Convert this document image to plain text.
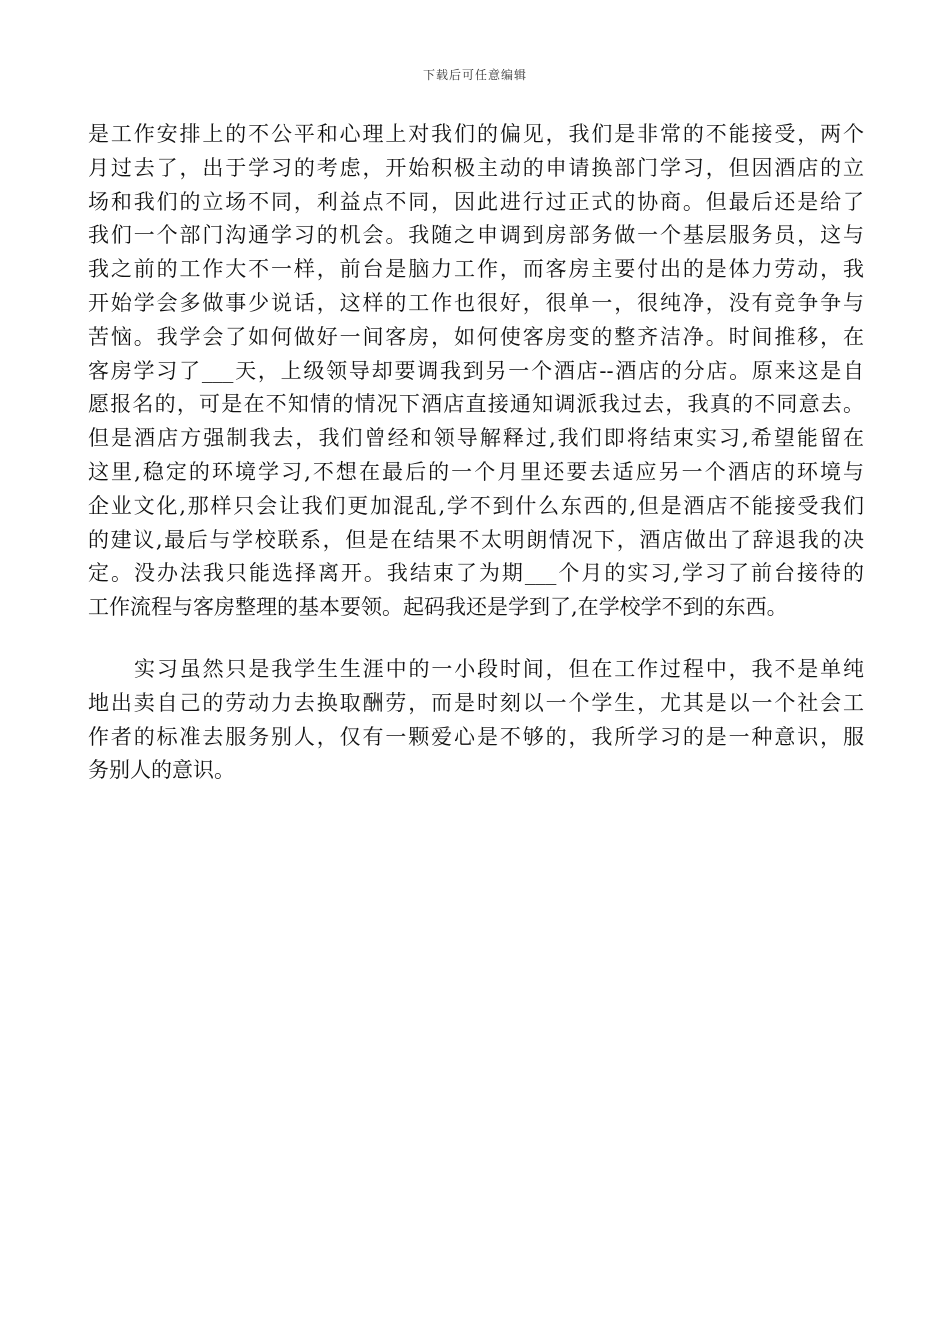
下载后可任意编辑
是工作安排上的不公平和心理上对我们的偏见，我们是非常的不能接受，两个
月过去了，出于学习的考虑，开始积极主动的申请换部门学习，但因酒店的立
场和我们的立场不同，利益点不同，因此进行过正式的协商。但最后还是给了
我们一个部门沟通学习的机会。我随之申调到房部务做一个基层服务员，这与
我之前的工作大不一样，前台是脑力工作，而客房主要付出的是体力劳动，我
开始学会多做事少说话，这样的工作也很好，很单一，很纯净，没有竞争争与
苦恼。我学会了如何做好一间客房，如何使客房变的整齐洁净。时间推移，在
客房学习了___天，上级领导却要调我到另一个酒店--酒店的分店。原来这是自
愿报名的，可是在不知情的情况下酒店直接通知调派我过去，我真的不同意去。
但是酒店方强制我去，我们曾经和领导解释过,我们即将结束实习,希望能留在
这里,稳定的环境学习,不想在最后的一个月里还要去适应另一个酒店的环境与
企业文化,那样只会让我们更加混乱,学不到什么东西的,但是酒店不能接受我们
的建议,最后与学校联系，但是在结果不太明朗情况下，酒店做出了辞退我的决
定。没办法我只能选择离开。我结束了为期___个月的实习,学习了前台接待的
工作流程与客房整理的基本要领。起码我还是学到了,在学校学不到的东西。
实习虽然只是我学生生涯中的一小段时间，但在工作过程中，我不是单纯
地出卖自己的劳动力去换取酬劳，而是时刻以一个学生，尤其是以一个社会工
作者的标准去服务别人，仅有一颗爱心是不够的，我所学习的是一种意识，服
务别人的意识。
